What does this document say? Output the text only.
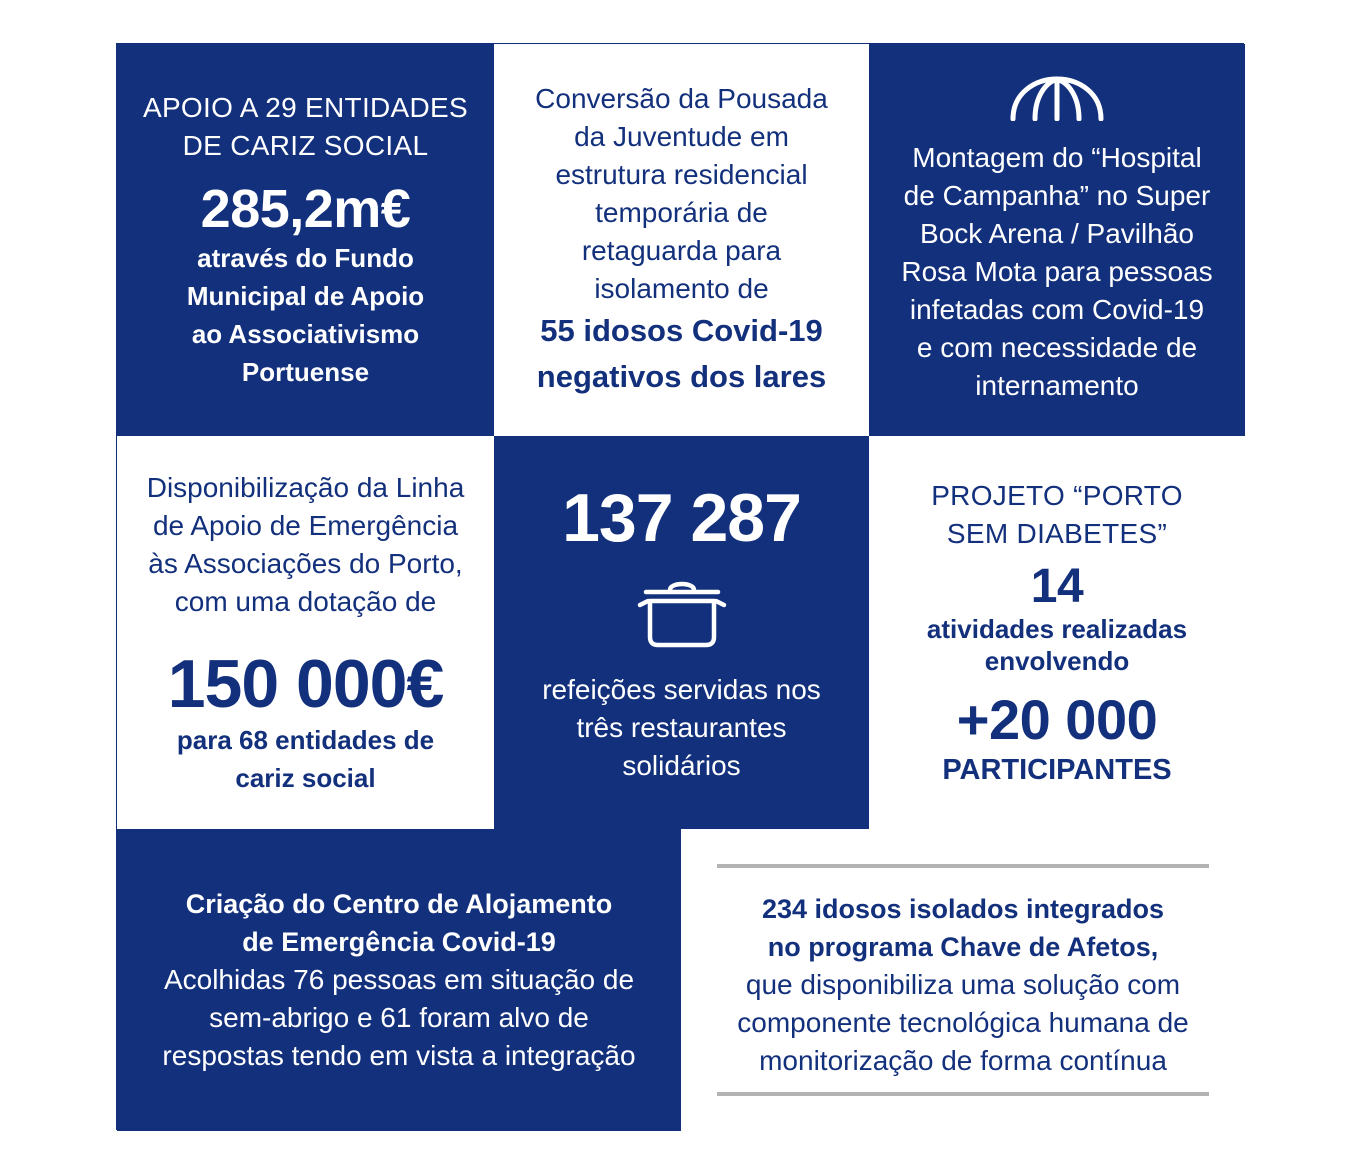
APOIO A 29 ENTIDADES
DE CARIZ SOCIAL
285,2m€
através do Fundo
Municipal de Apoio
ao Associativismo
Portuense
Conversão da Pousada
da Juventude em
estrutura residencial
temporária de
retaguarda para
isolamento de
55 idosos Covid-19
negativos dos lares
Montagem do “Hospital
de Campanha” no Super
Bock Arena / Pavilhão
Rosa Mota para pessoas
infetadas com Covid-19
e com necessidade de
internamento
Disponibilização da Linha
de Apoio de Emergência
às Associações do Porto,
com uma dotação de
150 000€
para 68 entidades de
cariz social
137 287
refeições servidas nos
três restaurantes
solidários
PROJETO “PORTO
SEM DIABETES”
14
atividades realizadas
envolvendo
+20 000
PARTICIPANTES
Criação do Centro de Alojamento
de Emergência Covid-19
Acolhidas 76 pessoas em situação de
sem-abrigo e 61 foram alvo de
respostas tendo em vista a integração
234 idosos isolados integrados
no programa Chave de Afetos,
que disponibiliza uma solução com
componente tecnológica humana de
monitorização de forma contínua
